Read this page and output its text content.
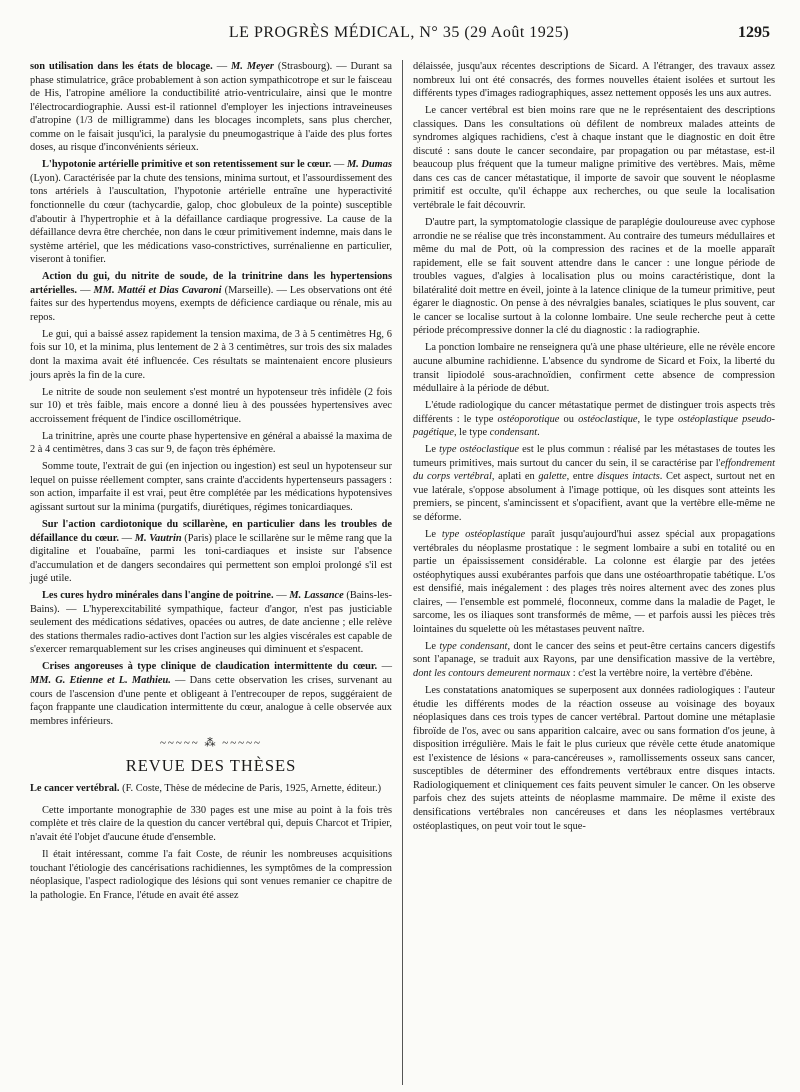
LE PROGRÈS MÉDICAL, N° 35 (29 Août 1925)	1295

son utilisation dans les états de blocage. — M. Meyer (Strasbourg). — Durant sa phase stimulatrice, grâce probablement à son action sympathicotrope et sur le faisceau de His, l'atropine améliore la conductibilité atrio-ventriculaire, ainsi que le montre l'électrocardiographie. Aussi est-il rationnel d'employer les injections intraveineuses d'atropine (1/3 de milligramme) dans les blocages incomplets, sans plus chercher, comme on le faisait jusqu'ici, la paralysie du pneumogastrique à l'aide des plus fortes doses, au risque d'inconvénients sérieux.

L'hypotonie artérielle primitive et son retentissement sur le cœur. — M. Dumas (Lyon). Caractérisée par la chute des tensions, minima surtout, et l'assourdissement des tons artériels à l'auscultation, l'hypotonie artérielle entraîne une hyperactivité fonctionnelle du cœur (tachycardie, galop, choc globuleux de la pointe) susceptible d'aboutir à l'hypertrophie et à la défaillance cardiaque progressive. La cause de la défaillance devra être cherchée, non dans le cœur primitivement indemne, mais dans le système artériel, que les médications vaso-constrictives, surrénalienne en particulier, viseront à tonifier.

Action du gui, du nitrite de soude, de la trinitrine dans les hypertensions artérielles. — MM. Mattéi et Dias Cavaroni (Marseille). — Les observations ont été faites sur des hypertendus moyens, exempts de déficience cardiaque ou rénale, mis au repos.

Le gui, qui a baissé assez rapidement la tension maxima, de 3 à 5 centimètres Hg, 6 fois sur 10, et la minima, plus lentement de 2 à 3 centimètres, sur trois des six malades dont la maxima avait été influencée. Ces résultats se maintenaient encore plusieurs jours après la fin de la cure.

Le nitrite de soude non seulement s'est montré un hypotenseur très infidèle (2 fois sur 10) et très faible, mais encore a donné lieu à des poussées hypertensives avec accroissement fréquent de l'indice oscillométrique.

La trinitrine, après une courte phase hypertensive en général a abaissé la maxima de 2 à 4 centimètres, dans 3 cas sur 9, de façon très éphémère.

Somme toute, l'extrait de gui (en injection ou ingestion) est seul un hypotenseur sur lequel on puisse réellement compter, sans crainte d'accidents hypertenseurs passagers : son action, imparfaite il est vrai, peut être complétée par les médications hypotensives agissant surtout sur la minima (purgatifs, diurétiques, régimes tonicardiaques.

Sur l'action cardiotonique du scillarène, en particulier dans les troubles de défaillance du cœur. — M. Vautrin (Paris) place le scillarène sur le même rang que la digitaline et l'ouabaïne, parmi les toni-cardiaques et insiste sur l'absence d'accumulation et de dangers secondaires qui permettent son emploi prolongé s'il est jugé utile.

Les cures hydro minérales dans l'angine de poitrine. — M. Lassance (Bains-les-Bains). — L'hyperexcitabilité sympathique, facteur d'angor, n'est pas justiciable seulement des médications sédatives, opacées ou autres, de date ancienne ; elle relève des stations thermales radio-actives dont l'action sur les algies viscérales est capable de s'exercer remarquablement sur les crises angineuses qui diminuent et s'espacent.

Crises angoreuses à type clinique de claudication intermittente du cœur. — MM. G. Etienne et L. Mathieu. — Dans cette observation les crises, survenant au cours de l'ascension d'une pente et obligeant à l'entrecouper de repos, suggéraient de façon frappante une claudication intermittente du cœur, analogue à celle observée aux membres inférieurs.

~~~~~ ⁂ ~~~~~
REVUE DES THÈSES

Le cancer vertébral. (F. Coste, Thèse de médecine de Paris, 1925, Arnette, éditeur.)

Cette importante monographie de 330 pages est une mise au point à la fois très complète et très claire de la question du cancer vertébral qui, depuis Charcot et Tripier, n'avait été l'objet d'aucune étude d'ensemble.

Il était intéressant, comme l'a fait Coste, de réunir les nombreuses acquisitions touchant l'étiologie des cancérisations rachidiennes, les symptômes de la compression néoplasique, l'aspect radiologique des lésions qui sont venues remanier ce chapitre de la pathologie. En France, l'étude en avait été assez

délaissée, jusqu'aux récentes descriptions de Sicard. A l'étranger, des travaux assez nombreux lui ont été consacrés, des formes nouvelles étaient isolées et surtout les différents types d'images radiographiques, assez nettement opposés les uns aux autres.

Le cancer vertébral est bien moins rare que ne le représentaient des descriptions classiques. Dans les consultations où défilent de nombreux malades atteints de syndromes algiques rachidiens, c'est à chaque instant que le diagnostic en doit être discuté : sans doute le cancer secondaire, par propagation ou par métastase, est-il beaucoup plus fréquent que la tumeur maligne primitive des vertèbres. Mais, même dans ces cas de cancer métastatique, il importe de savoir que souvent le néoplasme primitif est occulte, qu'il échappe aux recherches, ou que seule la localisation vertébrale le fait découvrir.

D'autre part, la symptomatologie classique de paraplégie douloureuse avec cyphose arrondie ne se réalise que très inconstamment. Au contraire des tumeurs médullaires et même du mal de Pott, où la compression des racines et de la moelle apparaît rapidement, elle se fait souvent attendre dans le cancer : une longue période de troubles vagues, d'algies à localisation plus ou moins caractéristique, dont la bilatéralité doit mettre en éveil, jointe à la latence clinique de la tumeur primitive, peut égarer le diagnostic. On pense à des névralgies banales, sciatiques le plus souvent, car le cancer se localise surtout à la colonne lombaire. Une seule recherche peut à cette période précompressive donner la clé du diagnostic : la radiographie.

La ponction lombaire ne renseignera qu'à une phase ultérieure, elle ne révèle encore aucune albumine rachidienne. L'absence du syndrome de Sicard et Foix, la liberté du transit lipiodolé sous-arachnoïdien, confirment cette absence de compression médullaire à la période de début.

L'étude radiologique du cancer métastatique permet de distinguer trois aspects très différents : le type ostéoporotique ou ostéoclastique, le type ostéoplastique pseudo-pagétique, le type condensant.

Le type ostéoclastique est le plus commun : réalisé par les métastases de toutes les tumeurs primitives, mais surtout du cancer du sein, il se caractérise par l'effondrement du corps vertébral, aplati en galette, entre disques intacts. Cet aspect, surtout net en vue latérale, s'oppose absolument à l'image pottique, où les disques sont atteints les premiers, se pincent, s'amincissent et s'opacifient, avant que la vertèbre elle-même ne se déforme.

Le type ostéoplastique paraît jusqu'aujourd'hui assez spécial aux propagations vertébrales du néoplasme prostatique : le segment lombaire a subi en totalité ou en partie un épaississement considérable. La colonne est élargie par des jetées ostéophytiques aussi exubérantes parfois que dans une ostéoarthropatie tabétique. L'os est densifié, mais inégalement : des plages très noires alternent avec des zones plus claires, — l'ensemble est pommelé, floconneux, comme dans la maladie de Paget, le sarcome, les os iliaques sont transformés de même, — et parfois aussi les pièces très lointaines du squelette où les métastases peuvent naître.

Le type condensant, dont le cancer des seins et peut-être certains cancers digestifs sont l'apanage, se traduit aux Rayons, par une densification massive de la vertèbre, dont les contours demeurent normaux : c'est la vertèbre noire, la vertèbre d'ébène.

Les constatations anatomiques se superposent aux données radiologiques : l'auteur étudie les différents modes de la réaction osseuse au voisinage des boyaux néoplasiques dans ces trois types de cancer vertébral. Partout domine une métaplasie fibroïde de l'os, avec ou sans apparition calcaire, avec ou sans formation d'os jeune, à disposition irrégulière. Mais le fait le plus curieux que révèle cette étude anatomique est l'existence de lésions « para-cancéreuses », ramollissements osseux sans cancer, susceptibles de déterminer des effondrements vertébraux entre disques intacts. Radiologiquement et cliniquement ces faits peuvent simuler le cancer. On les observe parfois chez des sujets atteints de néoplasme mammaire. De même il existe des densifications vertébrales non cancéreuses et dans les néoplasmes vertébraux ostéoplastiques, on peut voir tout le sque-
